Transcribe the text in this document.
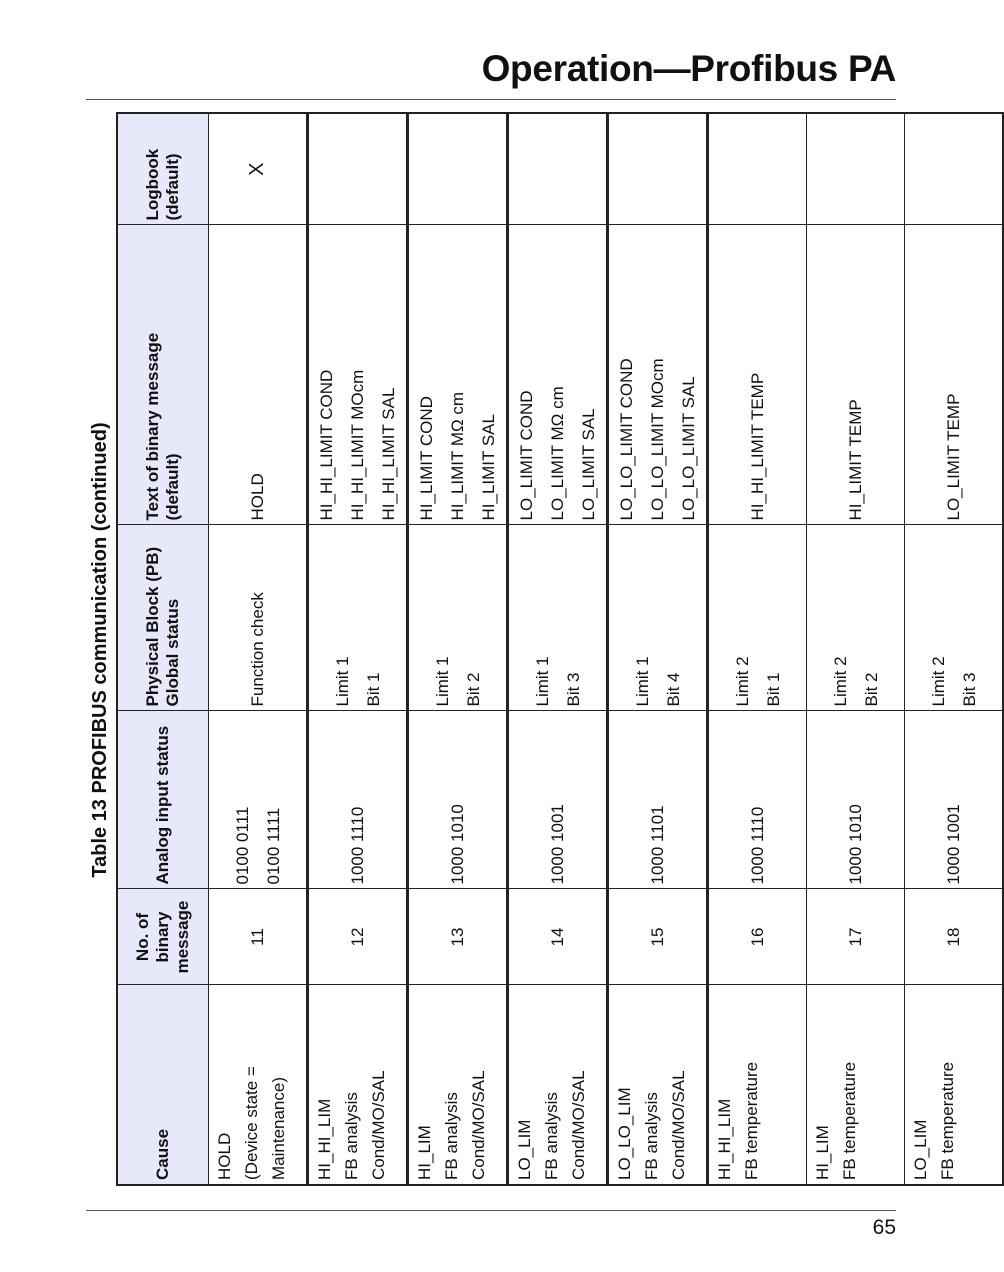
Operation—Profibus PA
Table 13 PROFIBUS communication (continued)
Cause	No. of binary message	Analog input status	Physical Block (PB) Global status	Text of binary message (default)	Logbook (default)

HOLD (Device state = Maintenance)	11	0100 0111 0100 1111	Function check	HOLD	X

HI_HI_LIM FB analysis Cond/MO/SAL	12	1000 1110	Limit 1 Bit 1	HI_HI_LIMIT COND HI_HI_LIMIT MOcm HI_HI_LIMIT SAL	

HI_LIM FB analysis Cond/MO/SAL	13	1000 1010	Limit 1 Bit 2	HI_LIMIT COND HI_LIMIT MΩ cm HI_LIMIT SAL	

LO_LIM FB analysis Cond/MO/SAL	14	1000 1001	Limit 1 Bit 3	LO_LIMIT COND LO_LIMIT MΩ cm LO_LIMIT SAL	

LO_LO_LIM FB analysis Cond/MO/SAL	15	1000 1101	Limit 1 Bit 4	LO_LO_LIMIT COND LO_LO_LIMIT MOcm LO_LO_LIMIT SAL	

HI_HI_LIM FB temperature	16	1000 1110	Limit 2 Bit 1	HI_HI_LIMIT TEMP	

HI_LIM FB temperature	17	1000 1010	Limit 2 Bit 2	HI_LIMIT TEMP	

LO_LIM FB temperature	18	1000 1001	Limit 2 Bit 3	LO_LIMIT TEMP	

65
